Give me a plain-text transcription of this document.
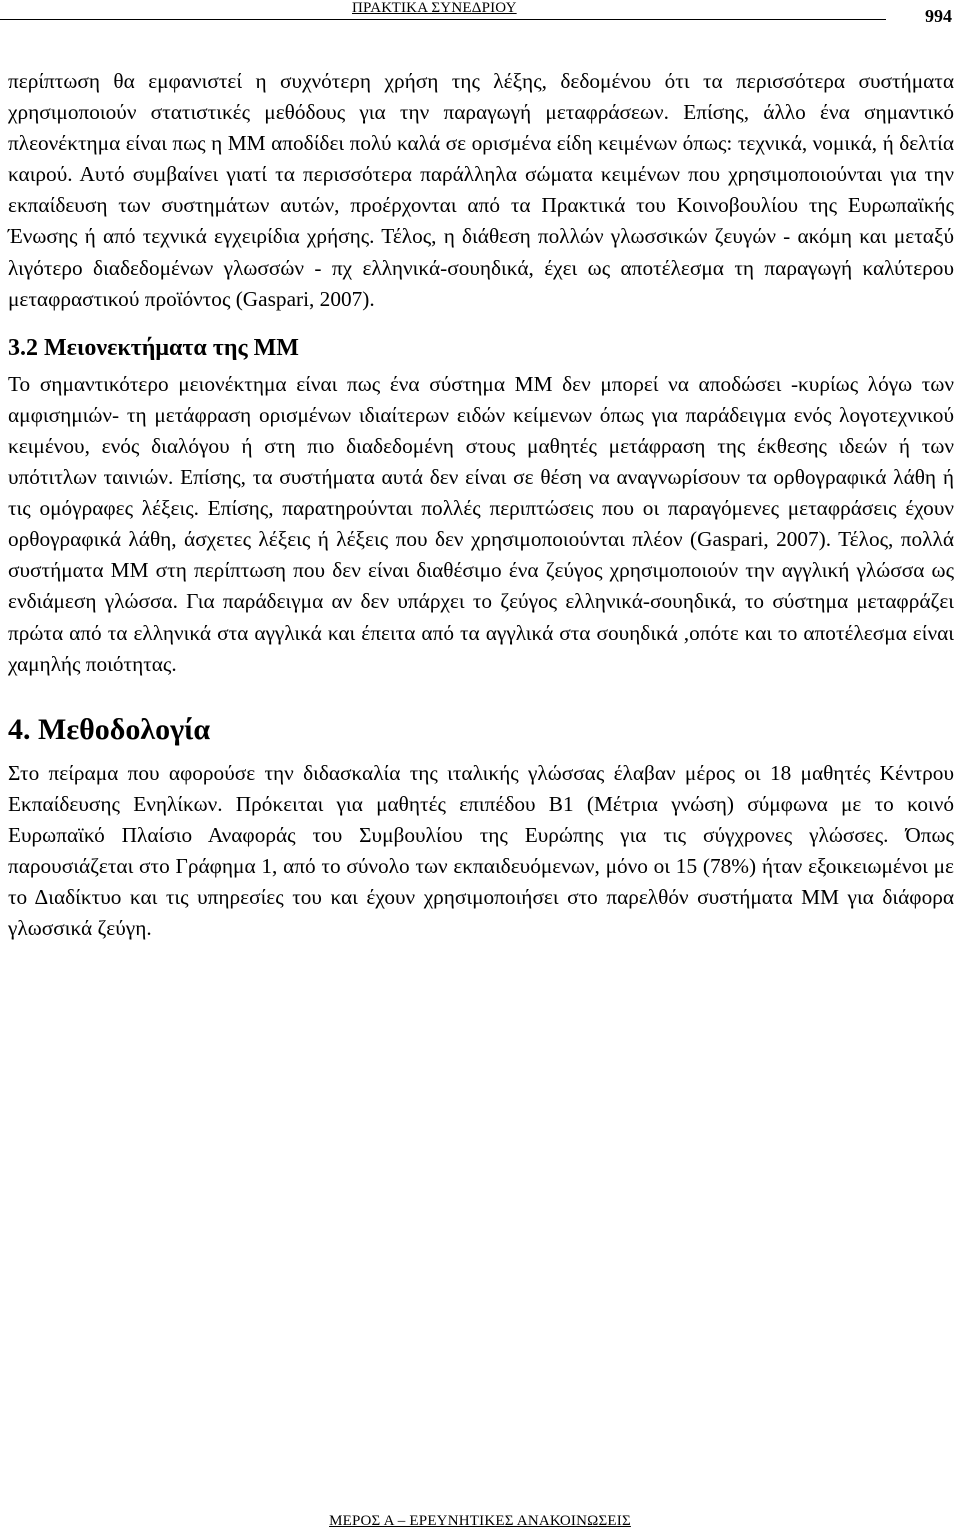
ΠΡΑΚΤΙΚΑ ΣΥΝΕΔΡΙΟΥ	994

περίπτωση θα εμφανιστεί η συχνότερη χρήση της λέξης, δεδομένου ότι τα περισσότερα συστήματα χρησιμοποιούν στατιστικές μεθόδους για την παραγωγή μεταφράσεων. Επίσης, άλλο ένα σημαντικό πλεονέκτημα είναι πως η ΜΜ αποδίδει πολύ καλά σε ορισμένα είδη κειμένων όπως: τεχνικά, νομικά, ή δελτία καιρού. Αυτό συμβαίνει γιατί τα περισσότερα παράλληλα σώματα κειμένων που χρησιμοποιούνται για την εκπαίδευση των συστημάτων αυτών, προέρχονται από τα Πρακτικά του Κοινοβουλίου της Ευρωπαϊκής Ένωσης ή από τεχνικά εγχειρίδια χρήσης. Τέλος, η διάθεση πολλών γλωσσικών ζευγών - ακόμη και μεταξύ λιγότερο διαδεδομένων γλωσσών - πχ ελληνικά-σουηδικά, έχει ως αποτέλεσμα τη παραγωγή καλύτερου μεταφραστικού προϊόντος (Gaspari, 2007).

3.2 Μειονεκτήματα της ΜΜ

Το σημαντικότερο μειονέκτημα είναι πως ένα σύστημα ΜΜ δεν μπορεί να αποδώσει -κυρίως λόγω των αμφισημιών- τη μετάφραση ορισμένων ιδιαίτερων ειδών κείμενων όπως για παράδειγμα ενός λογοτεχνικού κειμένου, ενός διαλόγου ή στη πιο διαδεδομένη στους μαθητές μετάφραση της έκθεσης ιδεών ή των υπότιτλων ταινιών. Επίσης, τα συστήματα αυτά δεν είναι σε θέση να αναγνωρίσουν τα ορθογραφικά λάθη ή τις ομόγραφες λέξεις. Επίσης, παρατηρούνται πολλές περιπτώσεις που οι παραγόμενες μεταφράσεις έχουν ορθογραφικά λάθη, άσχετες λέξεις ή λέξεις που δεν χρησιμοποιούνται πλέον (Gaspari, 2007). Τέλος, πολλά συστήματα ΜΜ στη περίπτωση που δεν είναι διαθέσιμο ένα ζεύγος χρησιμοποιούν την αγγλική γλώσσα ως ενδιάμεση γλώσσα. Για παράδειγμα αν δεν υπάρχει το ζεύγος ελληνικά-σουηδικά, το σύστημα μεταφράζει πρώτα από τα ελληνικά στα αγγλικά και έπειτα από τα αγγλικά στα σουηδικά ,οπότε και το αποτέλεσμα είναι χαμηλής ποιότητας.

4. Μεθοδολογία

Στο πείραμα που αφορούσε την διδασκαλία της ιταλικής γλώσσας έλαβαν μέρος οι 18 μαθητές Κέντρου Εκπαίδευσης Ενηλίκων. Πρόκειται για μαθητές επιπέδου Β1 (Μέτρια γνώση) σύμφωνα με το κοινό Ευρωπαϊκό Πλαίσιο Αναφοράς του Συμβουλίου της Ευρώπης για τις σύγχρονες γλώσσες. Όπως παρουσιάζεται στο Γράφημα 1, από το σύνολο των εκπαιδευόμενων, μόνο οι 15 (78%) ήταν εξοικειωμένοι με το Διαδίκτυο και τις υπηρεσίες του και έχουν χρησιμοποιήσει στο παρελθόν συστήματα ΜΜ για διάφορα γλωσσικά ζεύγη.

ΜΕΡΟΣ Α – ΕΡΕΥΝΗΤΙΚΕΣ ΑΝΑΚΟΙΝΩΣΕΙΣ
